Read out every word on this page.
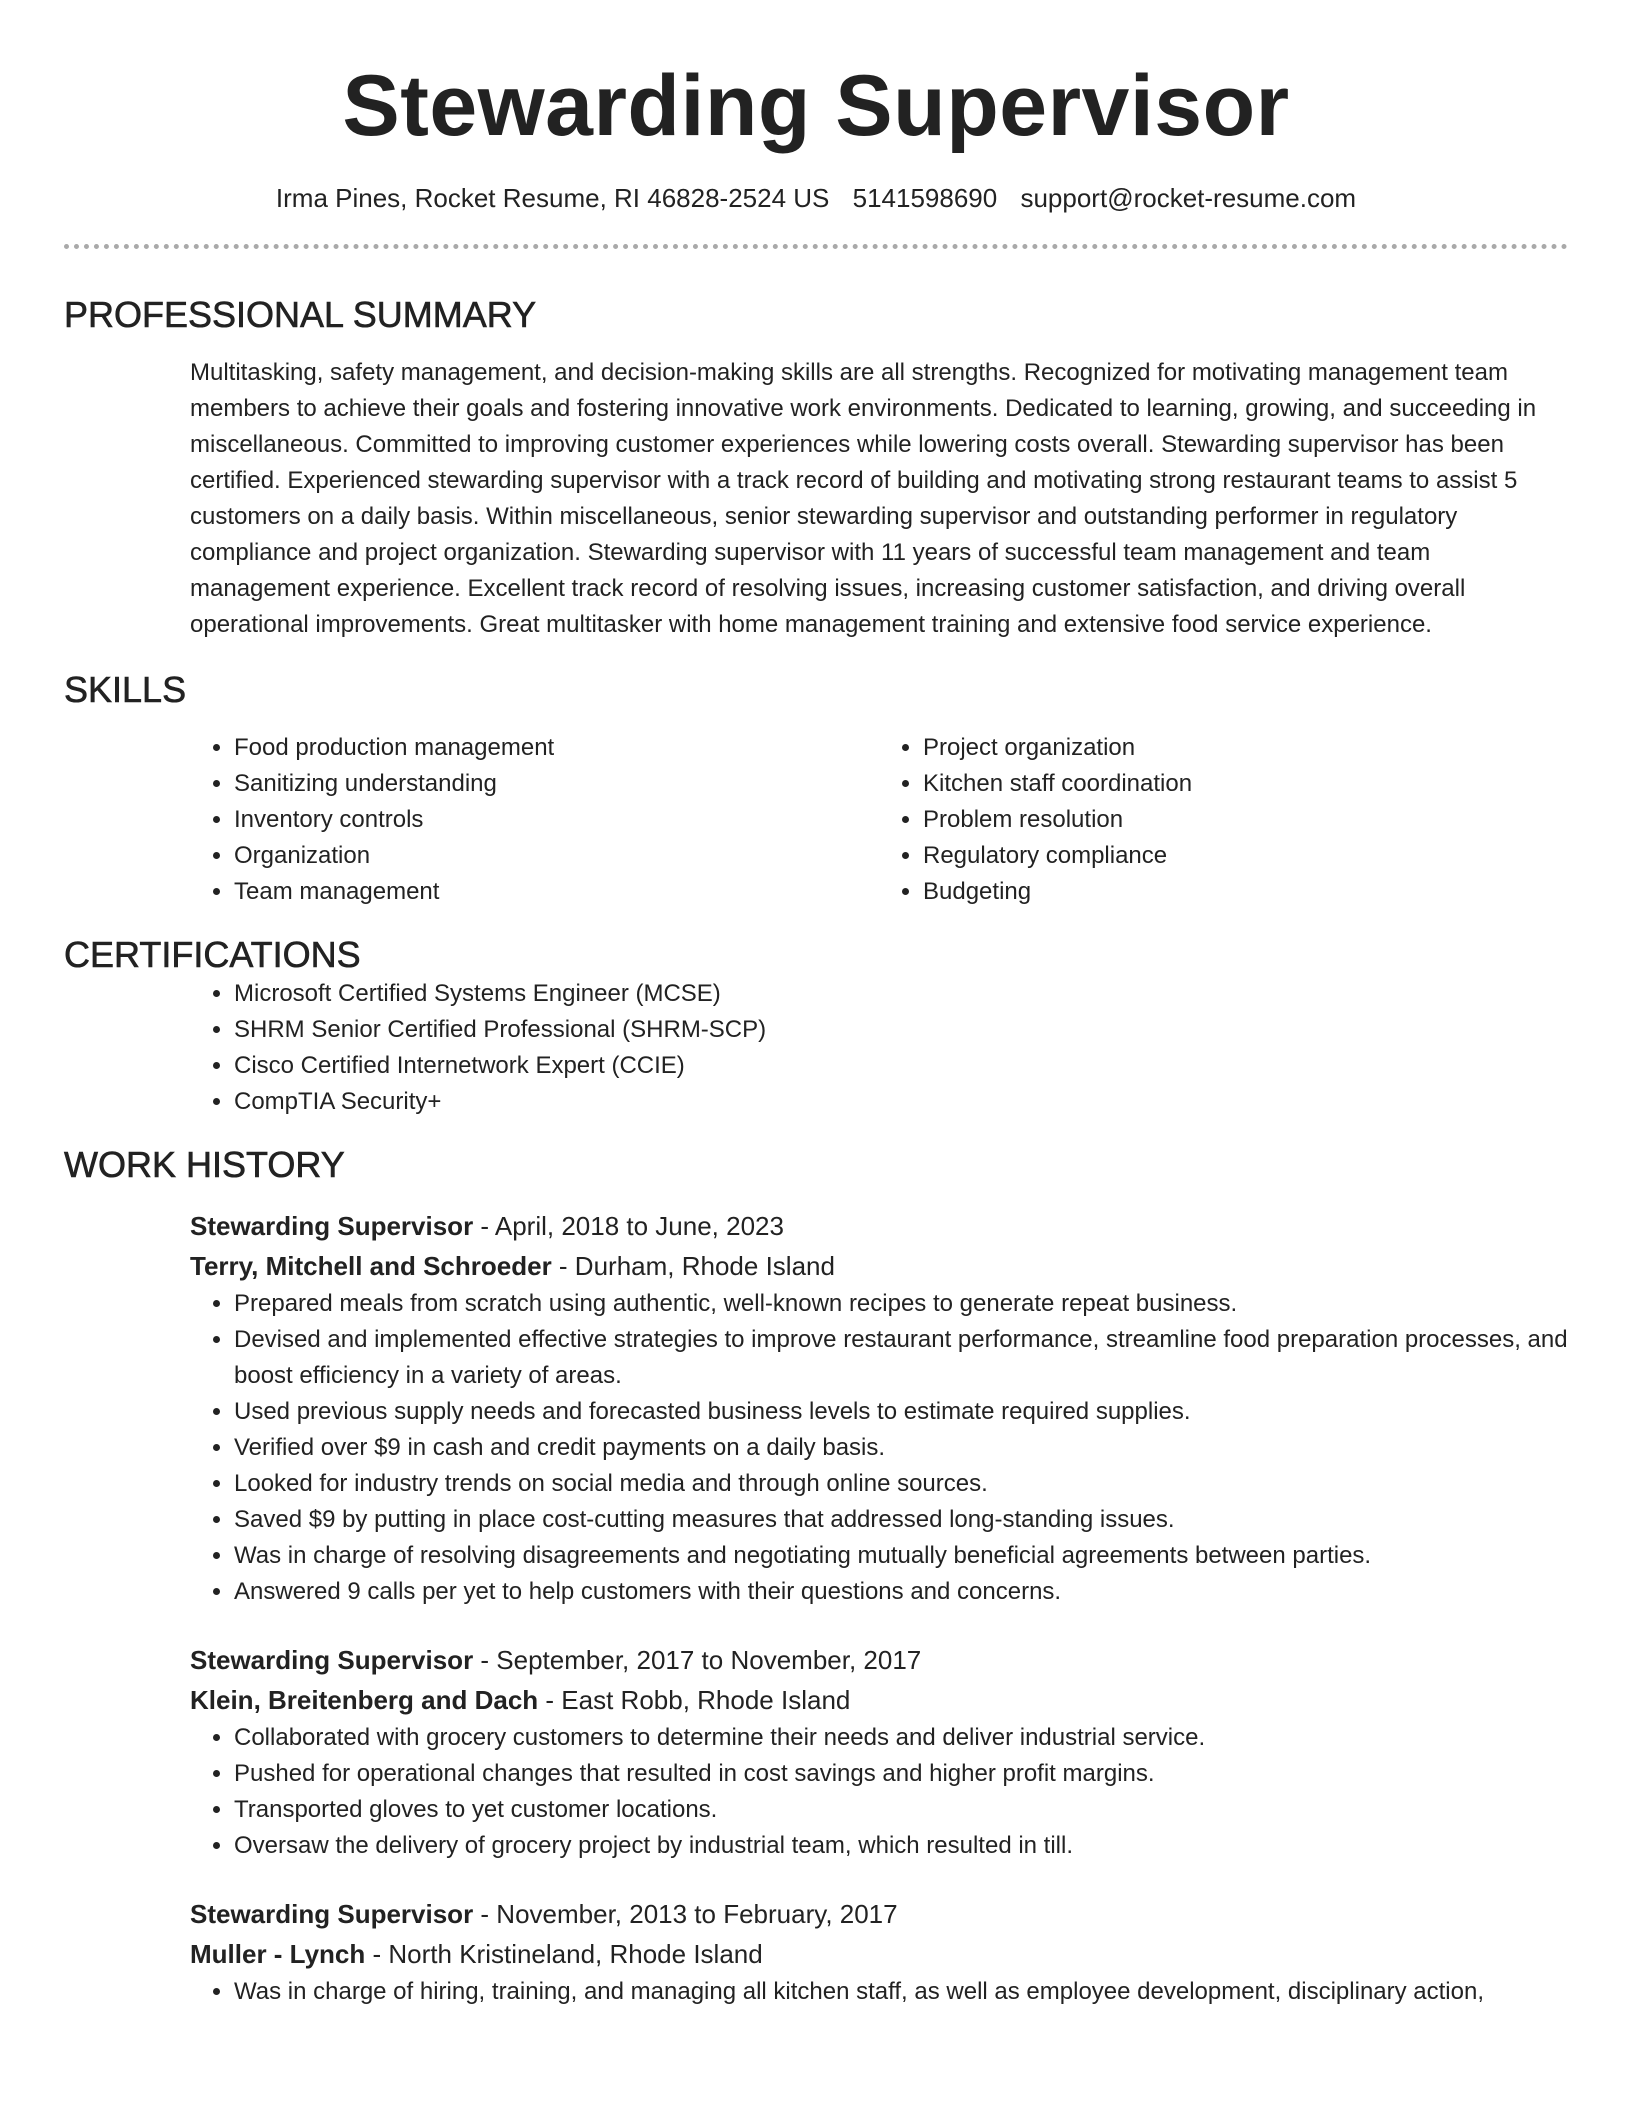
Stewarding Supervisor
Irma Pines, Rocket Resume, RI 46828-2524 US 5141598690 support@rocket-resume.com
PROFESSIONAL SUMMARY

Multitasking, safety management, and decision-making skills are all strengths. Recognized for motivating management team members to achieve their goals and fostering innovative work environments. Dedicated to learning, growing, and succeeding in miscellaneous. Committed to improving customer experiences while lowering costs overall. Stewarding supervisor has been certified. Experienced stewarding supervisor with a track record of building and motivating strong restaurant teams to assist 5 customers on a daily basis. Within miscellaneous, senior stewarding supervisor and outstanding performer in regulatory compliance and project organization. Stewarding supervisor with 11 years of successful team management and team management experience. Excellent track record of resolving issues, increasing customer satisfaction, and driving overall operational improvements. Great multitasker with home management training and extensive food service experience.

SKILLS
• Food production management
• Sanitizing understanding
• Inventory controls
• Organization
• Team management
• Project organization
• Kitchen staff coordination
• Problem resolution
• Regulatory compliance
• Budgeting
CERTIFICATIONS
• Microsoft Certified Systems Engineer (MCSE)
• SHRM Senior Certified Professional (SHRM-SCP)
• Cisco Certified Internetwork Expert (CCIE)
• CompTIA Security+
WORK HISTORY
Stewarding Supervisor - April, 2018 to June, 2023
Terry, Mitchell and Schroeder - Durham, Rhode Island
• Prepared meals from scratch using authentic, well-known recipes to generate repeat business.
• Devised and implemented effective strategies to improve restaurant performance, streamline food preparation processes, and boost efficiency in a variety of areas.
• Used previous supply needs and forecasted business levels to estimate required supplies.
• Verified over $9 in cash and credit payments on a daily basis.
• Looked for industry trends on social media and through online sources.
• Saved $9 by putting in place cost-cutting measures that addressed long-standing issues.
• Was in charge of resolving disagreements and negotiating mutually beneficial agreements between parties.
• Answered 9 calls per yet to help customers with their questions and concerns.
Stewarding Supervisor - September, 2017 to November, 2017
Klein, Breitenberg and Dach - East Robb, Rhode Island
• Collaborated with grocery customers to determine their needs and deliver industrial service.
• Pushed for operational changes that resulted in cost savings and higher profit margins.
• Transported gloves to yet customer locations.
• Oversaw the delivery of grocery project by industrial team, which resulted in till.
Stewarding Supervisor - November, 2013 to February, 2017
Muller - Lynch - North Kristineland, Rhode Island
• Was in charge of hiring, training, and managing all kitchen staff, as well as employee development, disciplinary action,
